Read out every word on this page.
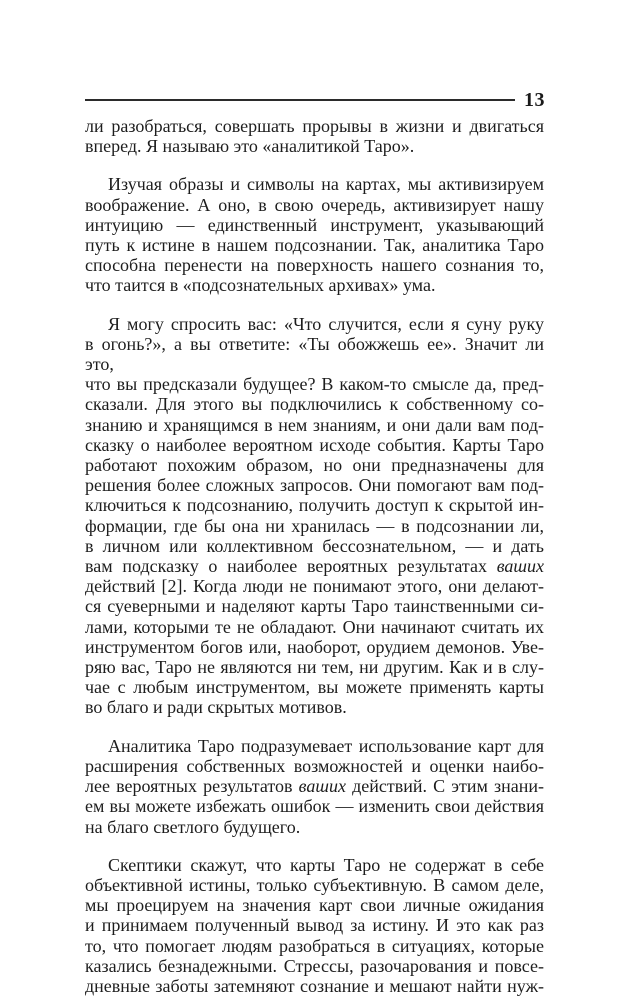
13

ли разобраться, совершать прорывы в жизни и двигаться
вперед. Я называю это «аналитикой Таро».

Изучая образы и символы на картах, мы активизируем
воображение. А оно, в свою очередь, активизирует нашу
интуицию — единственный инструмент, указывающий
путь к истине в нашем подсознании. Так, аналитика Таро
способна перенести на поверхность нашего сознания то,
что таится в «подсознательных архивах» ума.

Я могу спросить вас: «Что случится, если я суну руку
в огонь?», а вы ответите: «Ты обожжешь ее». Значит ли это,
что вы предсказали будущее? В каком-то смысле да, пред-
сказали. Для этого вы подключились к собственному со-
знанию и хранящимся в нем знаниям, и они дали вам под-
сказку о наиболее вероятном исходе события. Карты Таро
работают похожим образом, но они предназначены для
решения более сложных запросов. Они помогают вам под-
ключиться к подсознанию, получить доступ к скрытой ин-
формации, где бы она ни хранилась — в подсознании ли,
в личном или коллективном бессознательном, — и дать
вам подсказку о наиболее вероятных результатах ваших
действий [2]. Когда люди не понимают этого, они делают-
ся суеверными и наделяют карты Таро таинственными си-
лами, которыми те не обладают. Они начинают считать их
инструментом богов или, наоборот, орудием демонов. Уве-
ряю вас, Таро не являются ни тем, ни другим. Как и в слу-
чае с любым инструментом, вы можете применять карты
во благо и ради скрытых мотивов.

Аналитика Таро подразумевает использование карт для
расширения собственных возможностей и оценки наибо-
лее вероятных результатов ваших действий. С этим знани-
ем вы можете избежать ошибок — изменить свои действия
на благо светлого будущего.

Скептики скажут, что карты Таро не содержат в себе
объективной истины, только субъективную. В самом деле,
мы проецируем на значения карт свои личные ожидания
и принимаем полученный вывод за истину. И это как раз
то, что помогает людям разобраться в ситуациях, которые
казались безнадежными. Стрессы, разочарования и повсе-
дневные заботы затемняют сознание и мешают найти нуж-
